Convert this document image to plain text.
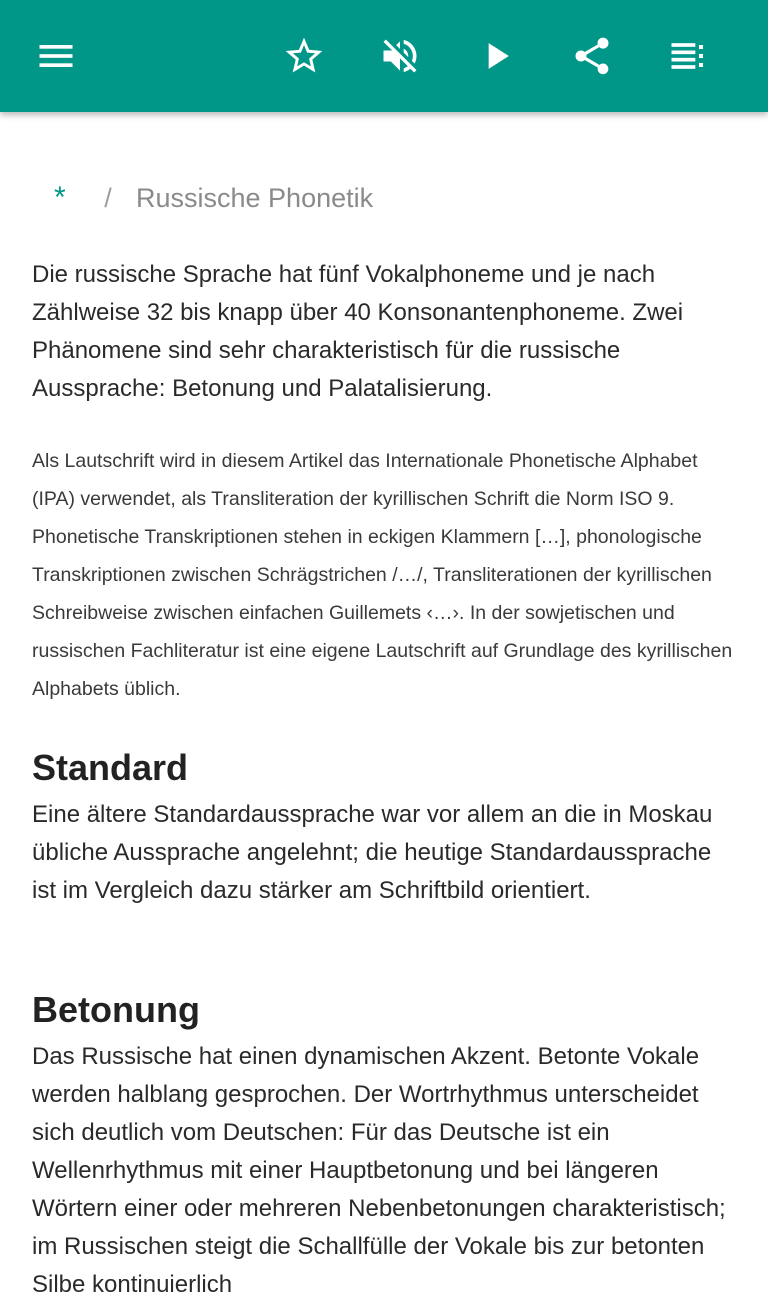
*	/ Russische Phonetik

Die russische Sprache hat fünf Vokalphoneme und je nach Zählweise 32 bis knapp über 40 Konsonantenphoneme. Zwei Phänomene sind sehr charakteristisch für die russische Aussprache: Betonung und Palatalisierung.

Als Lautschrift wird in diesem Artikel das Internationale Phonetische Alphabet (IPA) verwendet, als Transliteration der kyrillischen Schrift die Norm ISO 9. Phonetische Transkriptionen stehen in eckigen Klammern […], phonologische Transkriptionen zwischen Schrägstrichen /…/, Transliterationen der kyrillischen Schreibweise zwischen einfachen Guillemets ‹…›. In der sowjetischen und russischen Fachliteratur ist eine eigene Lautschrift auf Grundlage des kyrillischen Alphabets üblich.

Standard

Eine ältere Standardaussprache war vor allem an die in Moskau übliche Aussprache angelehnt; die heutige Standardaussprache ist im Vergleich dazu stärker am Schriftbild orientiert.

Betonung

Das Russische hat einen dynamischen Akzent. Betonte Vokale werden halblang gesprochen. Der Wortrhythmus unterscheidet sich deutlich vom Deutschen: Für das Deutsche ist ein Wellenrhythmus mit einer Hauptbetonung und bei längeren Wörtern einer oder mehreren Nebenbetonungen charakteristisch; im Russischen steigt die Schallfülle der Vokale bis zur betonten Silbe kontinuierlich
